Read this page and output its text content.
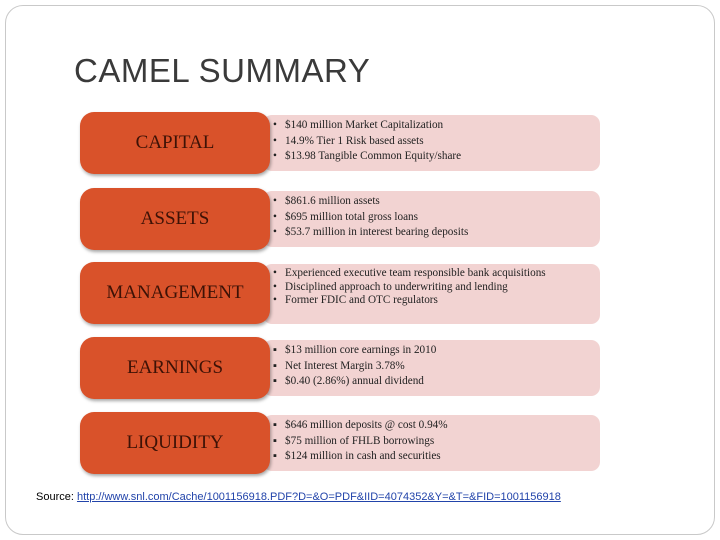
CAMEL SUMMARY
• $140 million Market Capitalization
• 14.9% Tier 1 Risk based assets
• $13.98 Tangible Common Equity/share
CAPITAL
• $861.6 million assets
• $695 million total gross loans
• $53.7 million in interest bearing deposits
ASSETS
• Experienced executive team responsible bank acquisitions
• Disciplined approach to underwriting and lending
• Former FDIC and OTC regulators
MANAGEMENT
▪ $13 million core earnings in 2010
▪ Net Interest Margin 3.78%
▪ $0.40 (2.86%) annual dividend
EARNINGS
▪ $646 million deposits @ cost 0.94%
▪ $75 million of FHLB borrowings
▪ $124 million in cash and securities
LIQUIDITY
Source: http://www.snl.com/Cache/1001156918.PDF?D=&O=PDF&IID=4074352&Y=&T=&FID=1001156918
